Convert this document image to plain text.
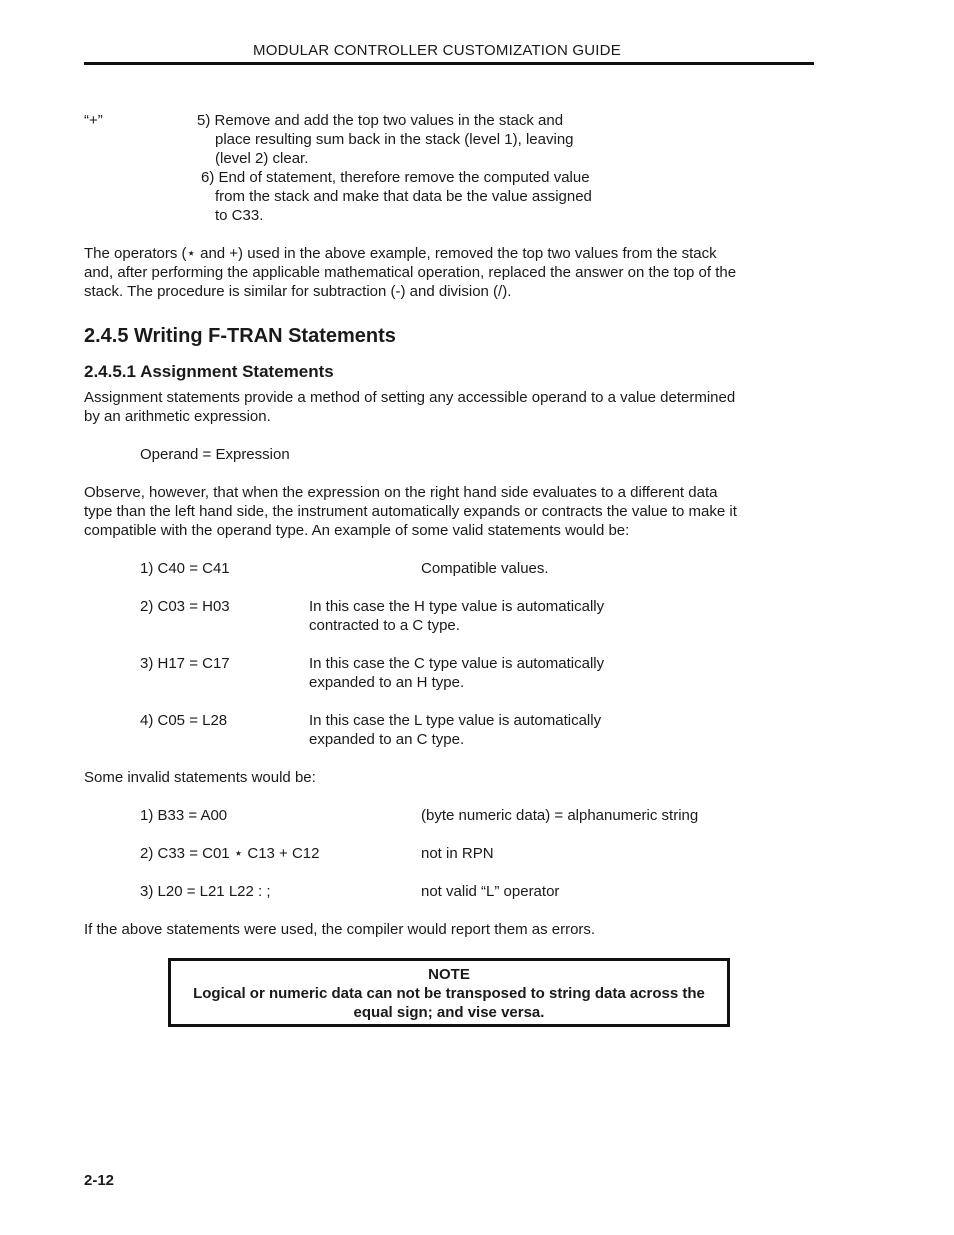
MODULAR CONTROLLER CUSTOMIZATION GUIDE
“+”	5) Remove and add the top two values in the stack and
place resulting sum back in the stack (level 1), leaving
(level 2) clear.
6) End of statement, therefore remove the computed value
from the stack and make that data be the value assigned
to C33.
The operators (⋆ and +) used in the above example, removed the top two values from the stack
and, after performing the applicable mathematical operation, replaced the answer on the top of the
stack. The procedure is similar for subtraction (-) and division (/).
2.4.5 Writing F-TRAN Statements
2.4.5.1 Assignment Statements
Assignment statements provide a method of setting any accessible operand to a value determined
by an arithmetic expression.
Operand = Expression
Observe, however, that when the expression on the right hand side evaluates to a different data
type than the left hand side, the instrument automatically expands or contracts the value to make it
compatible with the operand type. An example of some valid statements would be:
1) C40 = C41	Compatible values.
2) C03 = H03	In this case the H type value is automatically
contracted to a C type.
3) H17 = C17	In this case the C type value is automatically
expanded to an H type.
4) C05 = L28	In this case the L type value is automatically
expanded to an C type.
Some invalid statements would be:
1) B33 = A00	(byte numeric data) = alphanumeric string
2) C33 = C01 ⋆ C13 + C12	not in RPN
3) L20 = L21 L22 : ;	not valid “L” operator
If the above statements were used, the compiler would report them as errors.
NOTE
Logical or numeric data can not be transposed to string data across the
equal sign; and vise versa.
2-12
